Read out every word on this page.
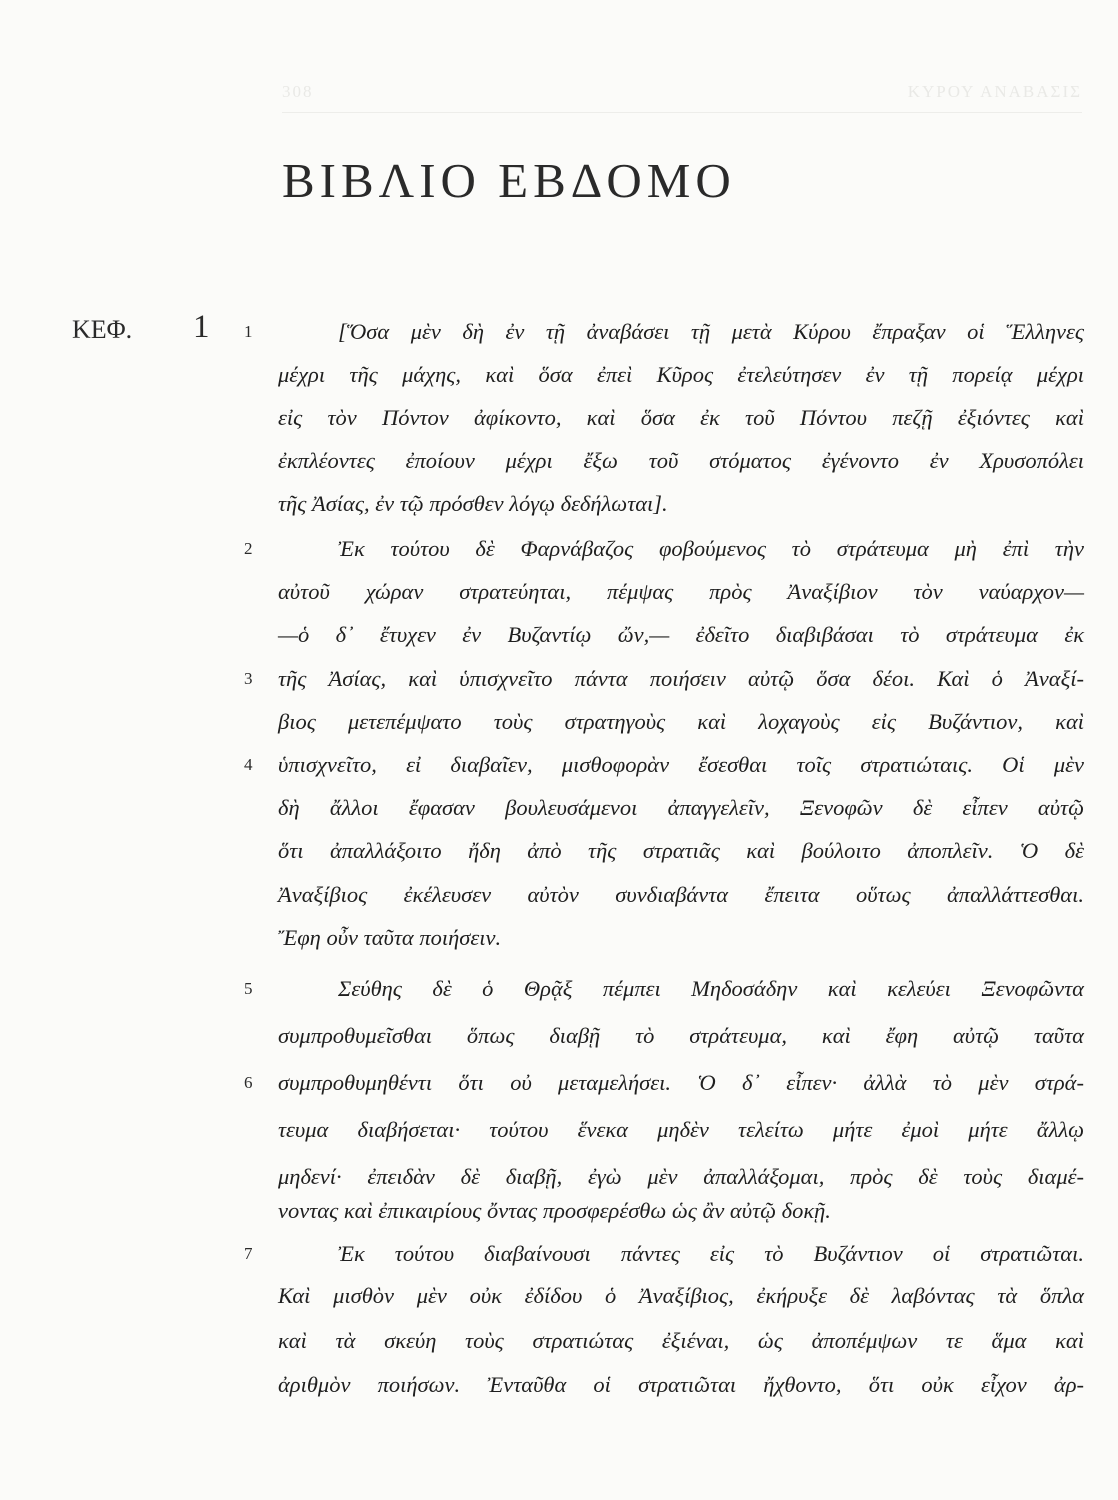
308	ΚΥΡΟΥ ΑΝΑΒΑΣΙΣ
ΒΙΒΛΙΟ ΕΒΔΟΜΟ
ΚΕΦ. 1 1
2
3
4
5
6
7
[Ὅσα μὲν δὴ ἐν τῇ ἀναβάσει τῇ μετὰ Κύρου ἔπραξαν οἱ Ἕλληνες
μέχρι τῆς μάχης, καὶ ὅσα ἐπεὶ Κῦρος ἐτελεύτησεν ἐν τῇ πορείᾳ μέχρι
εἰς τὸν Πόντον ἀφίκοντο, καὶ ὅσα ἐκ τοῦ Πόντου πεζῇ ἐξιόντες καὶ
ἐκπλέοντες ἐποίουν μέχρι ἔξω τοῦ στόματος ἐγένοντο ἐν Χρυσοπόλει
τῆς Ἀσίας, ἐν τῷ πρόσθεν λόγῳ δεδήλωται].
Ἐκ τούτου δὲ Φαρνάβαζος φοβούμενος τὸ στράτευμα μὴ ἐπὶ τὴν
αὐτοῦ χώραν στρατεύηται, πέμψας πρὸς Ἀναξίβιον τὸν ναύαρχον—
—ὁ δ᾽ ἔτυχεν ἐν Βυζαντίῳ ὤν,— ἐδεῖτο διαβιβάσαι τὸ στράτευμα ἐκ
τῆς Ἀσίας, καὶ ὑπισχνεῖτο πάντα ποιήσειν αὐτῷ ὅσα δέοι. Καὶ ὁ Ἀναξί-
βιος μετεπέμψατο τοὺς στρατηγοὺς καὶ λοχαγοὺς εἰς Βυζάντιον, καὶ
ὑπισχνεῖτο, εἰ διαβαῖεν, μισθοφορὰν ἔσεσθαι τοῖς στρατιώταις. Οἱ μὲν
δὴ ἄλλοι ἔφασαν βουλευσάμενοι ἀπαγγελεῖν, Ξενοφῶν δὲ εἶπεν αὐτῷ
ὅτι ἀπαλλάξοιτο ἤδη ἀπὸ τῆς στρατιᾶς καὶ βούλοιτο ἀποπλεῖν. Ὁ δὲ
Ἀναξίβιος ἐκέλευσεν αὐτὸν συνδιαβάντα ἔπειτα οὕτως ἀπαλλάττεσθαι.
Ἔφη οὖν ταῦτα ποιήσειν.
Σεύθης δὲ ὁ Θρᾷξ πέμπει Μηδοσάδην καὶ κελεύει Ξενοφῶντα
συμπροθυμεῖσθαι ὅπως διαβῇ τὸ στράτευμα, καὶ ἔφη αὐτῷ ταῦτα
συμπροθυμηθέντι ὅτι οὐ μεταμελήσει. Ὁ δ᾽ εἶπεν· ἀλλὰ τὸ μὲν στρά-
τευμα διαβήσεται· τούτου ἕνεκα μηδὲν τελείτω μήτε ἐμοὶ μήτε ἄλλῳ
μηδενί· ἐπειδὰν δὲ διαβῇ, ἐγὼ μὲν ἀπαλλάξομαι, πρὸς δὲ τοὺς διαμέ-
νοντας καὶ ἐπικαιρίους ὄντας προσφερέσθω ὡς ἂν αὐτῷ δοκῇ.
Ἐκ τούτου διαβαίνουσι πάντες εἰς τὸ Βυζάντιον οἱ στρατιῶται.
Καὶ μισθὸν μὲν οὐκ ἐδίδου ὁ Ἀναξίβιος, ἐκήρυξε δὲ λαβόντας τὰ ὅπλα
καὶ τὰ σκεύη τοὺς στρατιώτας ἐξιέναι, ὡς ἀποπέμψων τε ἅμα καὶ
ἀριθμὸν ποιήσων. Ἐνταῦθα οἱ στρατιῶται ἤχθοντο, ὅτι οὐκ εἶχον ἀρ-
